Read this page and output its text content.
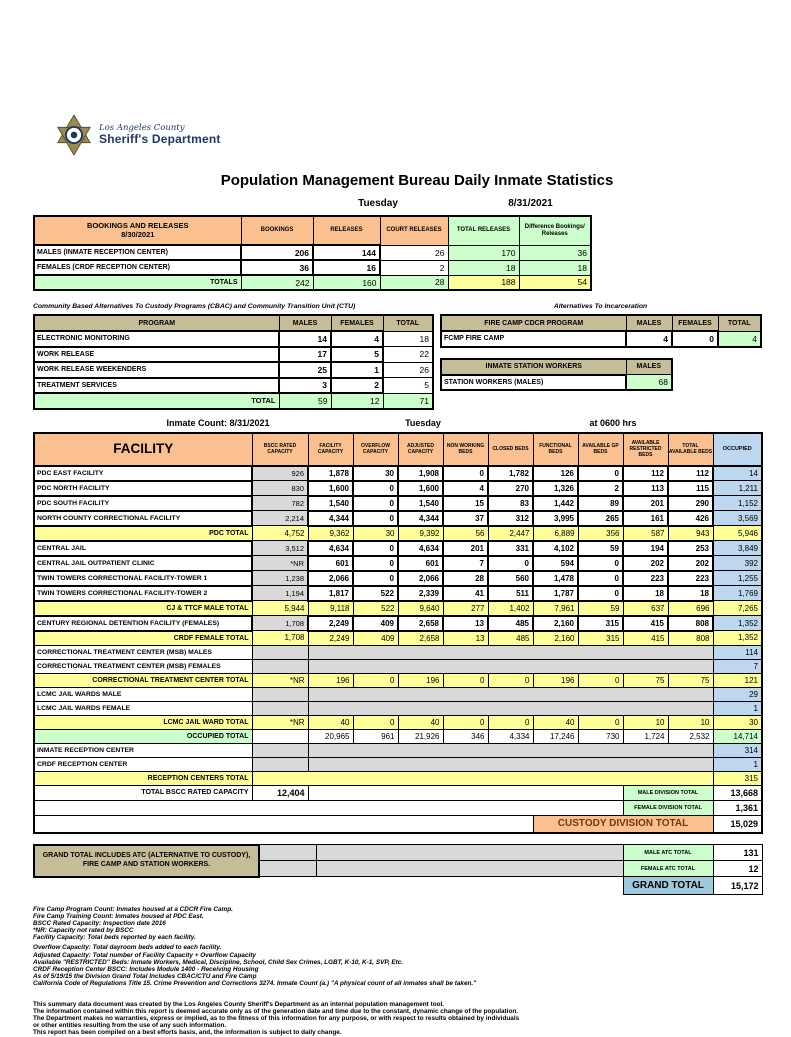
Los Angeles County
Sheriff's Department
Population Management Bureau Daily Inmate Statistics
Tuesday	8/31/2021
BOOKINGS AND RELEASES
8/30/2021	BOOKINGS	RELEASES	COURT RELEASES	TOTAL RELEASES	Difference Bookings/ Releases
MALES (INMATE RECEPTION CENTER)	206	144	26	170	36
FEMALES (CRDF RECEPTION CENTER)	36	16	2	18	18
TOTALS	242	160	28	188	54
Community Based Alternatives To Custody Programs (CBAC) and Community Transition Unit (CTU)
PROGRAM	MALES	FEMALES	TOTAL
ELECTRONIC MONITORING	14	4	18
WORK RELEASE	17	5	22
WORK RELEASE WEEKENDERS	25	1	26
TREATMENT SERVICES	3	2	5
TOTAL	59	12	71
Alternatives To Incarceration
FIRE CAMP CDCR PROGRAM	MALES	FEMALES	TOTAL
FCMP FIRE CAMP	4	0	4
INMATE STATION WORKERS	MALES
STATION WORKERS (MALES)	68
Inmate Count: 8/31/2021	Tuesday	at 0600 hrs
FACILITY	BSCC RATED CAPACITY	FACILITY CAPACITY	OVERFLOW CAPACITY	ADJUSTED CAPACITY	NON WORKING BEDS	CLOSED BEDS	FUNCTIONAL BEDS	AVAILABLE GP BEDS	AVAILABLE RESTRICTED BEDS	TOTAL AVAILABLE BEDS	OCCUPIED
PDC EAST FACILITY	926	1,878	30	1,908	0	1,782	126	0	112	112	14
PDC NORTH FACILITY	830	1,600	0	1,600	4	270	1,326	2	113	115	1,211
PDC SOUTH FACILITY	782	1,540	0	1,540	15	83	1,442	89	201	290	1,152
NORTH COUNTY CORRECTIONAL FACILITY	2,214	4,344	0	4,344	37	312	3,995	265	161	426	3,569
PDC TOTAL	4,752	9,362	30	9,392	56	2,447	6,889	356	587	943	5,946
CENTRAL JAIL	3,512	4,634	0	4,634	201	331	4,102	59	194	253	3,849
CENTRAL JAIL OUTPATIENT CLINIC	*NR	601	0	601	7	0	594	0	202	202	392
TWIN TOWERS CORRECTIONAL FACILITY-TOWER 1	1,238	2,066	0	2,066	28	560	1,478	0	223	223	1,255
TWIN TOWERS CORRECTIONAL FACILITY-TOWER 2	1,194	1,817	522	2,339	41	511	1,787	0	18	18	1,769
CJ & TTCF MALE TOTAL	5,944	9,118	522	9,640	277	1,402	7,961	59	637	696	7,265
CENTURY REGIONAL DETENTION FACILITY (FEMALES)	1,708	2,249	409	2,658	13	485	2,160	315	415	808	1,352
CRDF FEMALE TOTAL	1,708	2,249	409	2,658	13	485	2,160	315	415	808	1,352
CORRECTIONAL TREATMENT CENTER (MSB) MALES											114
CORRECTIONAL TREATMENT CENTER (MSB) FEMALES											7
CORRECTIONAL TREATMENT CENTER TOTAL	*NR	196	0	196	0	0	196	0	75	75	121
LCMC JAIL WARDS MALE											29
LCMC JAIL WARDS FEMALE											1
LCMC JAIL WARD TOTAL	*NR	40	0	40	0	0	40	0	10	10	30
OCCUPIED TOTAL		20,965	961	21,926	346	4,334	17,246	730	1,724	2,532	14,714
INMATE RECEPTION CENTER											314
CRDF RECEPTION CENTER											1
RECEPTION CENTERS TOTAL											315
TOTAL BSCC RATED CAPACITY	12,404								MALE DIVISION TOTAL		13,668
									FEMALE DIVISION TOTAL		1,361
							CUSTODY DIVISION TOTAL				15,029
GRAND TOTAL INCLUDES ATC (ALTERNATIVE TO CUSTODY), FIRE CAMP AND STATION WORKERS.			MALE ATC TOTAL	131
			FEMALE ATC TOTAL	12
			GRAND TOTAL	15,172
Fire Camp Program Count: Inmates housed at a CDCR Fire Camp.
Fire Camp Training Count: Inmates housed at PDC East.
BSCC Rated Capacity: Inspection date 2016
*NR: Capacity not rated by BSCC
Facility Capacity: Total beds reported by each facility.
Overflow Capacity: Total dayroom beds added to each facility.
Adjusted Capacity: Total number of Facility Capacity + Overflow Capacity
Available "RESTRICTED" Beds: Inmate Workers, Medical, Discipline, School, Child Sex Crimes, LGBT, K-10, K-1, SVP, Etc.
CRDF Reception Center BSCC: Includes Module 1400 - Receiving Housing
As of 5/19/15 the Division Grand Total Includes CBAC/CTU and Fire Camp
California Code of Regulations Title 15. Crime Prevention and Corrections 3274. Inmate Count (a.) "A physical count of all inmates shall be taken."
This summary data document was created by the Los Angeles County Sheriff's Department as an internal population management tool.
The information contained within this report is deemed accurate only as of the generation date and time due to the constant, dynamic change of the population.
The Department makes no warranties, express or implied, as to the fitness of this information for any purpose, or with respect to results obtained by individuals
or other entities resulting from the use of any such information.
This report has been compiled on a best efforts basis, and, the information is subject to daily change.
